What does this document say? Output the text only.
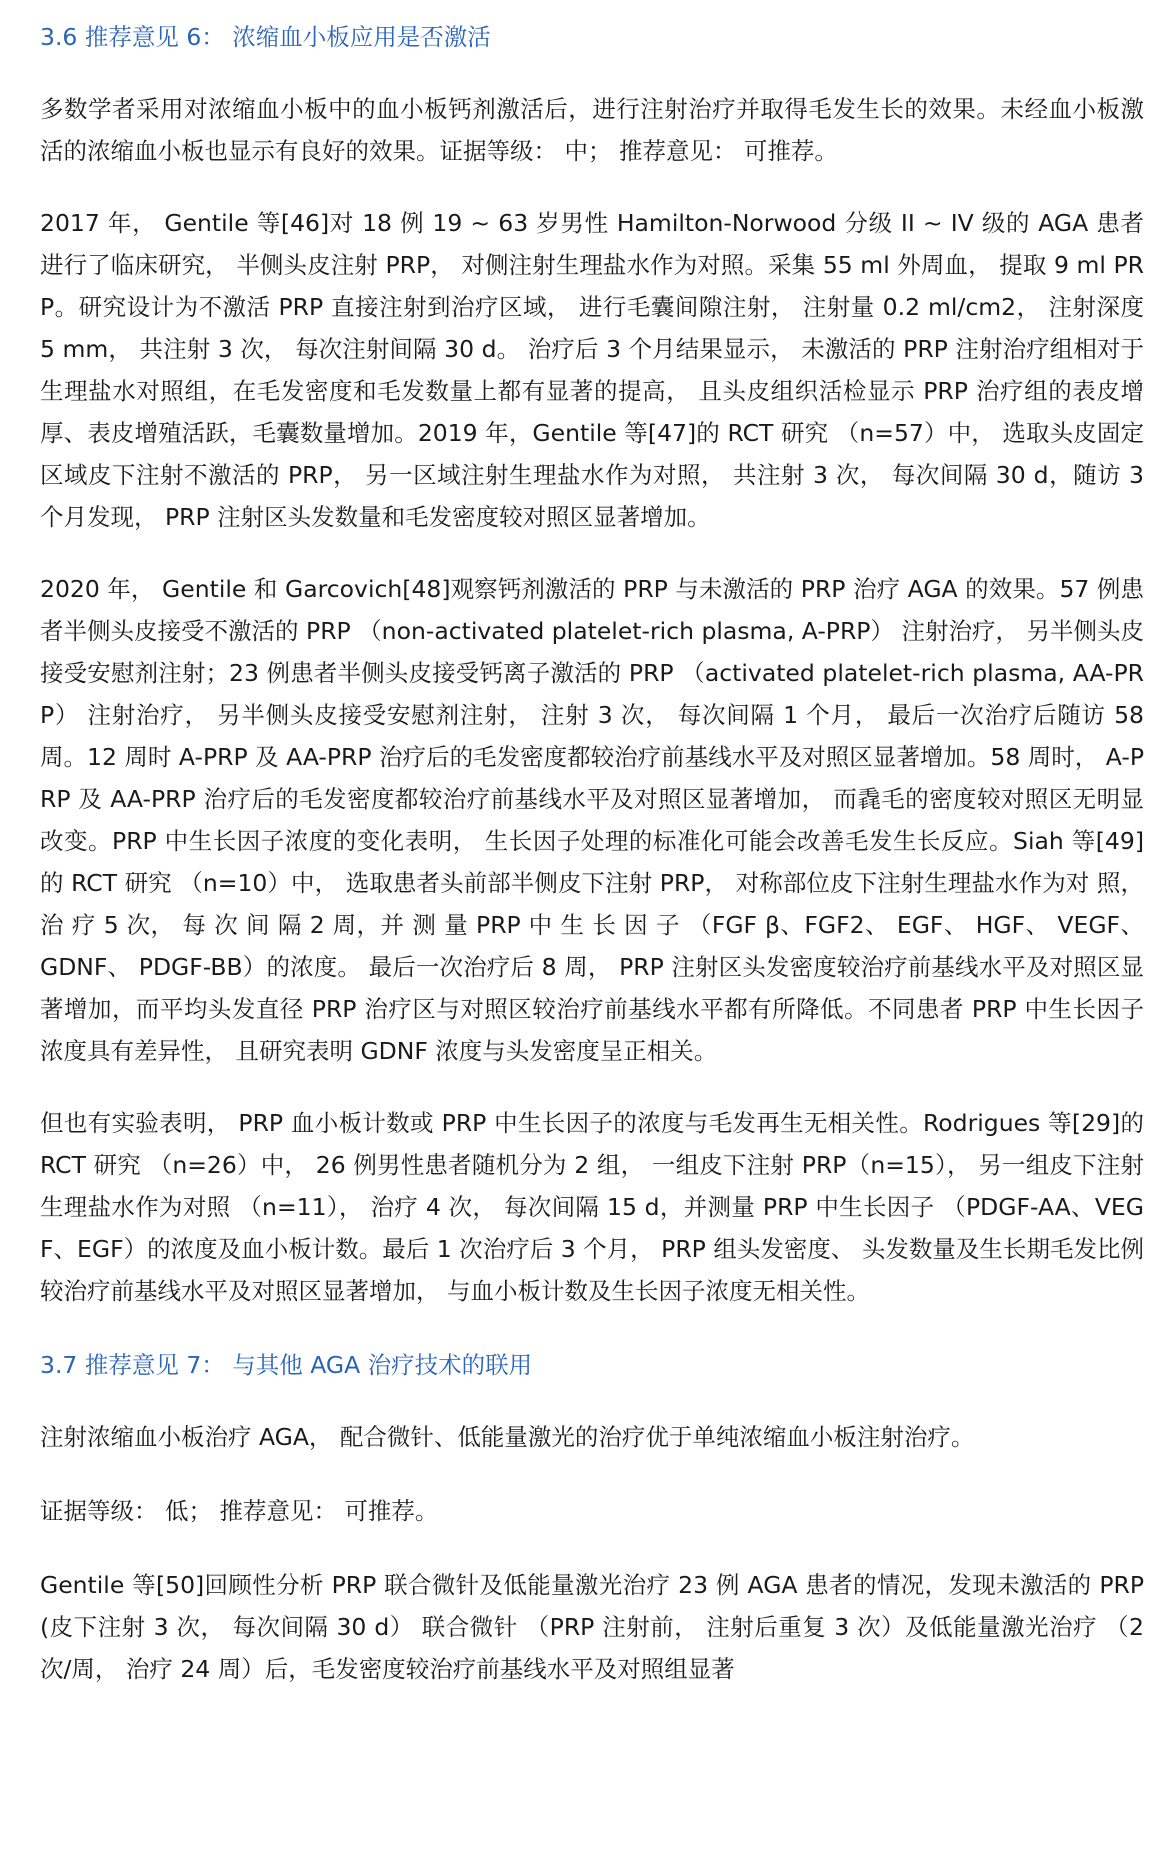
3.6 推荐意见 6： 浓缩血小板应用是否激活

多数学者采用对浓缩血小板中的血小板钙剂激活后，进行注射治疗并取得毛发生长的效果。未经血小板激活的浓缩血小板也显示有良好的效果。证据等级： 中； 推荐意见： 可推荐。

2017 年， Gentile 等[46]对 18 例 19 ~ 63 岁男性 Hamilton-Norwood 分级 II ~ IV 级的 AGA 患者进行了临床研究， 半侧头皮注射 PRP， 对侧注射生理盐水作为对照。采集 55 ml 外周血， 提取 9 ml PRP。研究设计为不激活 PRP 直接注射到治疗区域， 进行毛囊间隙注射， 注射量 0.2 ml/cm2， 注射深度 5 mm， 共注射 3 次， 每次注射间隔 30 d。 治疗后 3 个月结果显示， 未激活的 PRP 注射治疗组相对于生理盐水对照组，在毛发密度和毛发数量上都有显著的提高， 且头皮组织活检显示 PRP 治疗组的表皮增厚、表皮增殖活跃，毛囊数量增加。2019 年，Gentile 等[47]的 RCT 研究 （n=57）中， 选取头皮固定区域皮下注射不激活的 PRP， 另一区域注射生理盐水作为对照， 共注射 3 次， 每次间隔 30 d，随访 3 个月发现， PRP 注射区头发数量和毛发密度较对照区显著增加。

2020 年， Gentile 和 Garcovich[48]观察钙剂激活的 PRP 与未激活的 PRP 治疗 AGA 的效果。57 例患者半侧头皮接受不激活的 PRP （non-activated platelet-rich plasma, A-PRP） 注射治疗， 另半侧头皮接受安慰剂注射；23 例患者半侧头皮接受钙离子激活的 PRP （activated platelet-rich plasma, AA-PRP） 注射治疗， 另半侧头皮接受安慰剂注射， 注射 3 次， 每次间隔 1 个月， 最后一次治疗后随访 58 周。12 周时 A-PRP 及 AA-PRP 治疗后的毛发密度都较治疗前基线水平及对照区显著增加。58 周时， A-PRP 及 AA-PRP 治疗后的毛发密度都较治疗前基线水平及对照区显著增加， 而毳毛的密度较对照区无明显改变。PRP 中生长因子浓度的变化表明， 生长因子处理的标准化可能会改善毛发生长反应。Siah 等[49]的 RCT 研究 （n=10）中， 选取患者头前部半侧皮下注射 PRP， 对称部位皮下注射生理盐水作为对 照， 治 疗 5 次， 每 次 间 隔 2 周，并 测 量 PRP 中 生 长 因 子 （FGF β、FGF2、 EGF、 HGF、 VEGF、 GDNF、 PDGF-BB）的浓度。 最后一次治疗后 8 周， PRP 注射区头发密度较治疗前基线水平及对照区显著增加，而平均头发直径 PRP 治疗区与对照区较治疗前基线水平都有所降低。不同患者 PRP 中生长因子浓度具有差异性， 且研究表明 GDNF 浓度与头发密度呈正相关。

但也有实验表明， PRP 血小板计数或 PRP 中生长因子的浓度与毛发再生无相关性。Rodrigues 等[29]的 RCT 研究 （n=26）中， 26 例男性患者随机分为 2 组， 一组皮下注射 PRP（n=15）， 另一组皮下注射生理盐水作为对照 （n=11）， 治疗 4 次， 每次间隔 15 d，并测量 PRP 中生长因子 （PDGF-AA、VEGF、EGF）的浓度及血小板计数。最后 1 次治疗后 3 个月， PRP 组头发密度、 头发数量及生长期毛发比例较治疗前基线水平及对照区显著增加， 与血小板计数及生长因子浓度无相关性。

3.7 推荐意见 7： 与其他 AGA 治疗技术的联用

注射浓缩血小板治疗 AGA， 配合微针、低能量激光的治疗优于单纯浓缩血小板注射治疗。

证据等级： 低； 推荐意见： 可推荐。

Gentile 等[50]回顾性分析 PRP 联合微针及低能量激光治疗 23 例 AGA 患者的情况，发现未激活的 PRP (皮下注射 3 次， 每次间隔 30 d） 联合微针 （PRP 注射前， 注射后重复 3 次）及低能量激光治疗 （2 次/周， 治疗 24 周）后，毛发密度较治疗前基线水平及对照组显著
